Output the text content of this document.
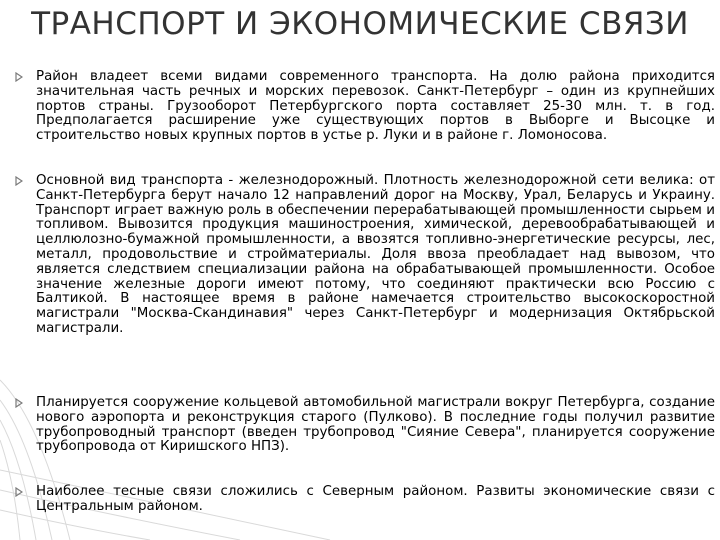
ТРАНСПОРТ И ЭКОНОМИЧЕСКИЕ СВЯЗИ
Район владеет всеми видами современного транспорта. На долю района приходится значительная часть речных и морских перевозок. Санкт-Петербург – один из крупнейших портов страны. Грузооборот Петербургского порта составляет 25-30 млн. т. в год. Предполагается расширение уже существующих портов в Выборге и Высоцке и строительство новых крупных портов в устье р. Луки и в районе г. Ломоносова.
Основной вид транспорта - железнодорожный. Плотность железнодорожной сети велика: от Санкт-Петербурга берут начало 12 направлений дорог на Москву, Урал, Беларусь и Украину. Транспорт играет важную роль в обеспечении перерабатывающей промышленности сырьем и топливом. Вывозится продукция машиностроения, химической, деревообрабатывающей и целлюлозно-бумажной промышленности, а ввозятся топливно-энергетические ресурсы, лес, металл, продовольствие и стройматериалы. Доля ввоза преобладает над вывозом, что является следствием специализации района на обрабатывающей промышленности. Особое значение железные дороги имеют потому, что соединяют практически всю Россию с Балтикой. В настоящее время в районе намечается строительство высокоскоростной магистрали "Москва-Скандинавия" через Санкт-Петербург и модернизация Октябрьской магистрали.
Планируется сооружение кольцевой автомобильной магистрали вокруг Петербурга, создание нового аэропорта и реконструкция старого (Пулково). В последние годы получил развитие трубопроводный транспорт (введен трубопровод "Сияние Севера", планируется сооружение трубопровода от Киришского НПЗ).
Наиболее тесные связи сложились с Северным районом. Развиты экономические связи с Центральным районом.
